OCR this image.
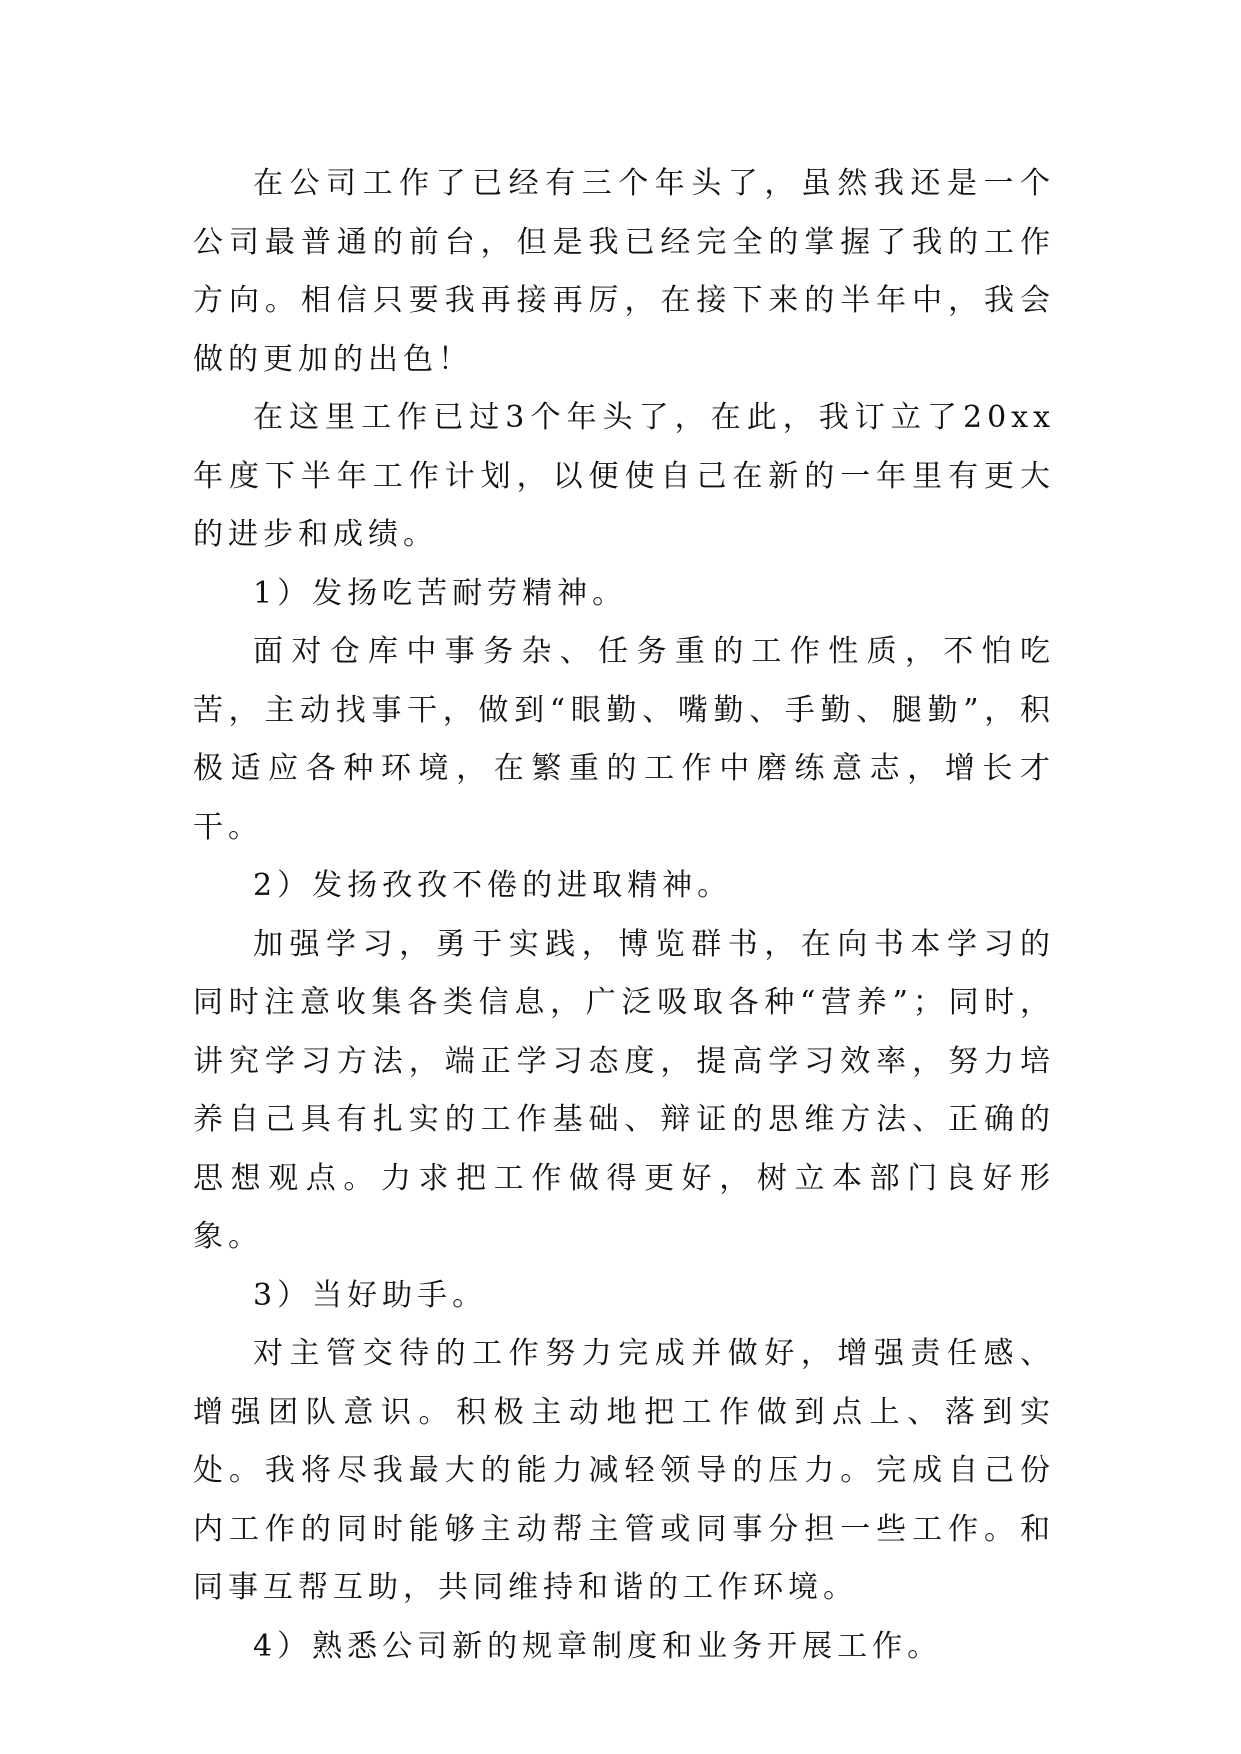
在公司工作了已经有三个年头了，虽然我还是一个公司最普通的前台，但是我已经完全的掌握了我的工作方向。相信只要我再接再厉，在接下来的半年中，我会做的更加的出色！

在这里工作已过3个年头了，在此，我订立了20xx年度下半年工作计划，以便使自己在新的一年里有更大的进步和成绩。

1）发扬吃苦耐劳精神。

面对仓库中事务杂、任务重的工作性质，不怕吃苦，主动找事干，做到“眼勤、嘴勤、手勤、腿勤”，积极适应各种环境，在繁重的工作中磨练意志，增长才干。

2）发扬孜孜不倦的进取精神。

加强学习，勇于实践，博览群书，在向书本学习的同时注意收集各类信息，广泛吸取各种“营养”；同时，讲究学习方法，端正学习态度，提高学习效率，努力培养自己具有扎实的工作基础、辩证的思维方法、正确的思想观点。力求把工作做得更好，树立本部门良好形象。

3）当好助手。

对主管交待的工作努力完成并做好，增强责任感、增强团队意识。积极主动地把工作做到点上、落到实处。我将尽我最大的能力减轻领导的压力。完成自己份内工作的同时能够主动帮主管或同事分担一些工作。和同事互帮互助，共同维持和谐的工作环境。

4）熟悉公司新的规章制度和业务开展工作。
